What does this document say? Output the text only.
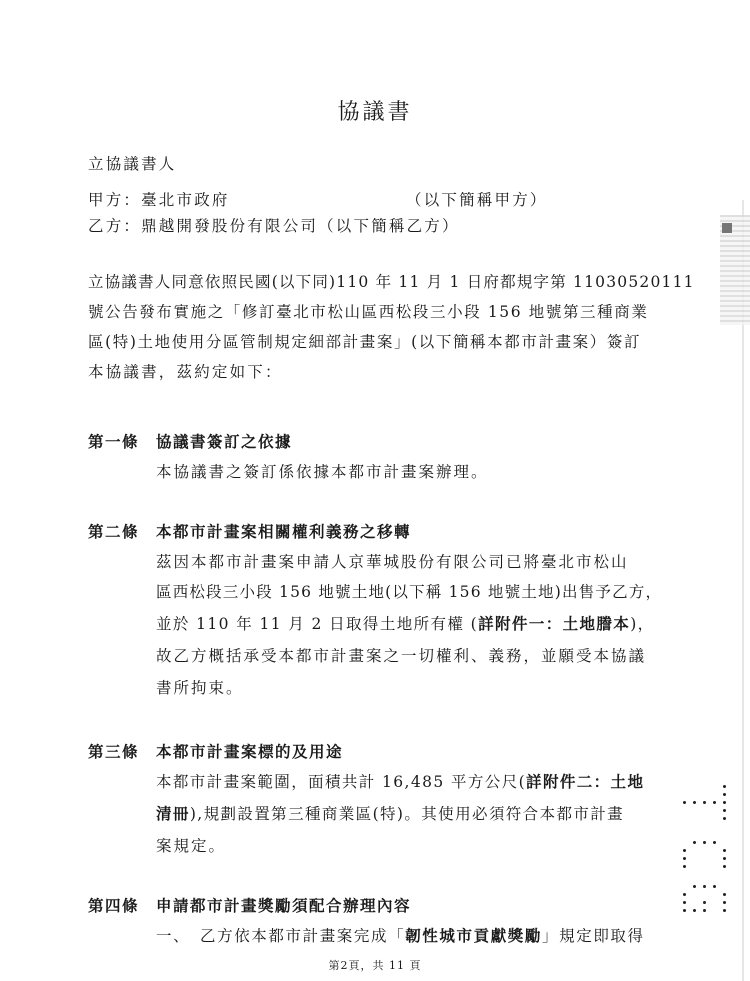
協議書
立協議書人
甲方：臺北市政府	（以下簡稱甲方）
乙方：鼎越開發股份有限公司（以下簡稱乙方）
立協議書人同意依照民國(以下同)110 年 11 月 1 日府都規字第 11030520111
號公告發布實施之「修訂臺北市松山區西松段三小段 156 地號第三種商業
區(特)土地使用分區管制規定細部計畫案」(以下簡稱本都市計畫案）簽訂
本協議書，茲約定如下：
第一條 協議書簽訂之依據
本協議書之簽訂係依據本都市計畫案辦理。
第二條 本都市計畫案相關權利義務之移轉
茲因本都市計畫案申請人京華城股份有限公司已將臺北市松山
區西松段三小段 156 地號土地(以下稱 156 地號土地)出售予乙方，
並於 110 年 11 月 2 日取得土地所有權 (詳附件一：土地謄本)，
故乙方概括承受本都市計畫案之一切權利、義務，並願受本協議
書所拘束。
第三條 本都市計畫案標的及用途
本都市計畫案範圍，面積共計 16,485 平方公尺(詳附件二：土地
清冊),規劃設置第三種商業區(特)。其使用必須符合本都市計畫
案規定。
第四條 申請都市計畫獎勵須配合辦理內容
一、 乙方依本都市計畫案完成「韌性城市貢獻獎勵」規定即取得
第2頁，共 11 頁
